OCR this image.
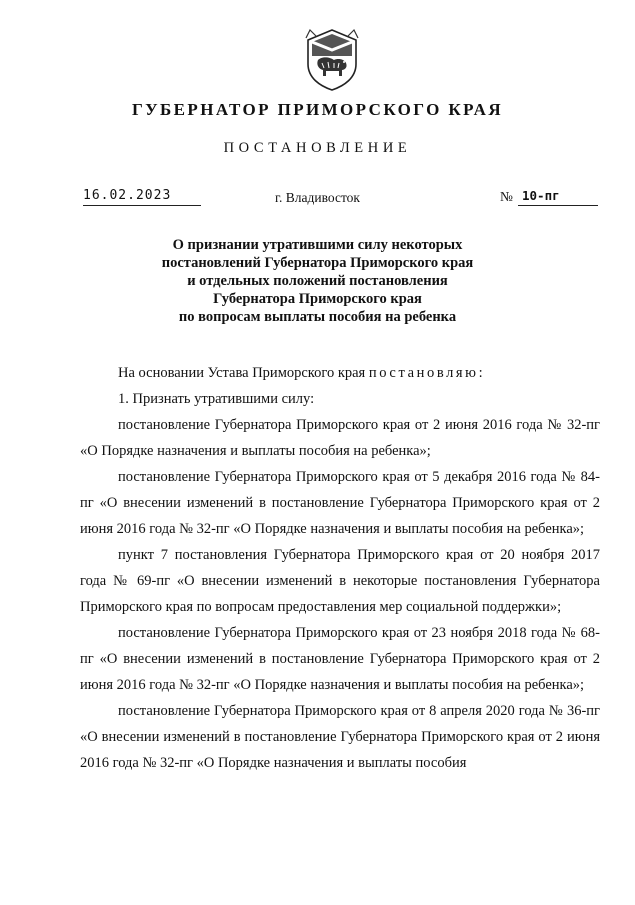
ГУБЕРНАТОР ПРИМОРСКОГО КРАЯ
ПОСТАНОВЛЕНИЕ
16.02.2023	г. Владивосток	№ 10-пг
О признании утратившими силу некоторых
постановлений Губернатора Приморского края
и отдельных положений постановления
Губернатора Приморского края
по вопросам выплаты пособия на ребенка
На основании Устава Приморского края постановляю:
1. Признать утратившими силу:
постановление Губернатора Приморского края от 2 июня 2016 года № 32-пг «О Порядке назначения и выплаты пособия на ребенка»;
постановление Губернатора Приморского края от 5 декабря 2016 года № 84-пг «О внесении изменений в постановление Губернатора Приморского края от 2 июня 2016 года № 32-пг «О Порядке назначения и выплаты пособия на ребенка»;
пункт 7 постановления Губернатора Приморского края от 20 ноября 2017 года № 69-пг «О внесении изменений в некоторые постановления Губернатора Приморского края по вопросам предоставления мер социальной поддержки»;
постановление Губернатора Приморского края от 23 ноября 2018 года № 68-пг «О внесении изменений в постановление Губернатора Приморского края от 2 июня 2016 года № 32-пг «О Порядке назначения и выплаты пособия на ребенка»;
постановление Губернатора Приморского края от 8 апреля 2020 года № 36-пг «О внесении изменений в постановление Губернатора Приморского края от 2 июня 2016 года № 32-пг «О Порядке назначения и выплаты пособия
